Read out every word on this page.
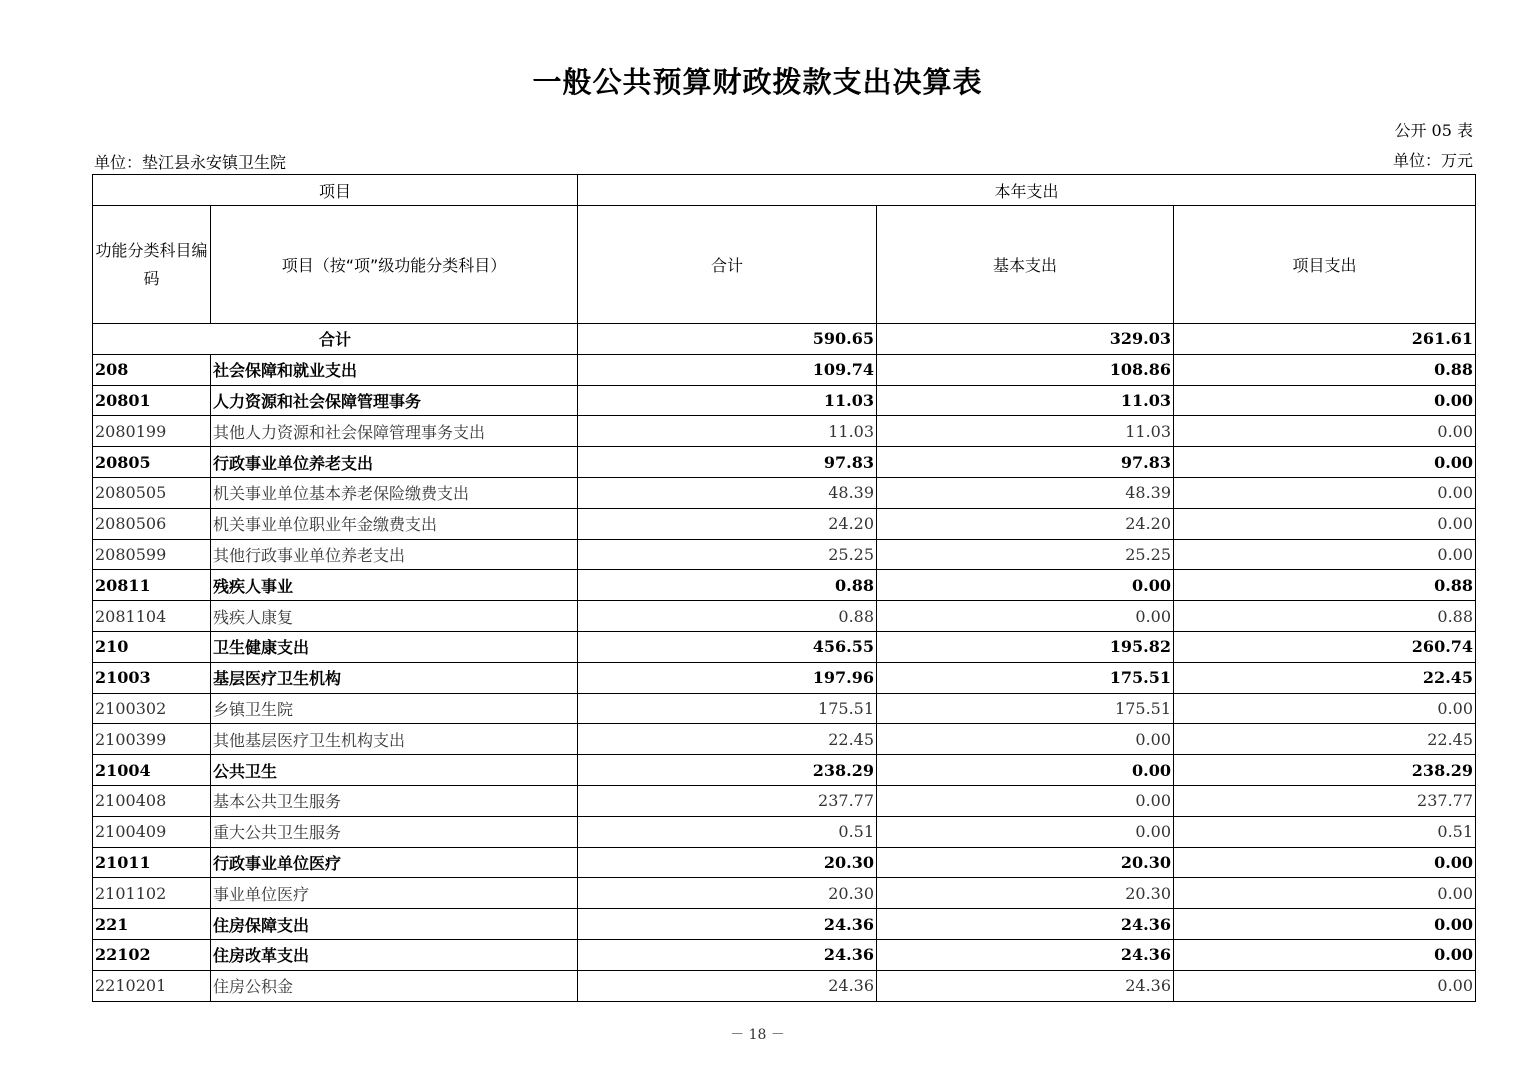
一般公共预算财政拨款支出决算表
公开 05 表
单位：垫江县永安镇卫生院	单位：万元
项目		本年支出		
功能分类科目编码	项目（按“项”级功能分类科目）	合计	基本支出	项目支出
合计		590.65	329.03	261.61
208	社会保障和就业支出	109.74	108.86	0.88
20801	人力资源和社会保障管理事务	11.03	11.03	0.00
2080199	其他人力资源和社会保障管理事务支出	11.03	11.03	0.00
20805	行政事业单位养老支出	97.83	97.83	0.00
2080505	机关事业单位基本养老保险缴费支出	48.39	48.39	0.00
2080506	机关事业单位职业年金缴费支出	24.20	24.20	0.00
2080599	其他行政事业单位养老支出	25.25	25.25	0.00
20811	残疾人事业	0.88	0.00	0.88
2081104	残疾人康复	0.88	0.00	0.88
210	卫生健康支出	456.55	195.82	260.74
21003	基层医疗卫生机构	197.96	175.51	22.45
2100302	乡镇卫生院	175.51	175.51	0.00
2100399	其他基层医疗卫生机构支出	22.45	0.00	22.45
21004	公共卫生	238.29	0.00	238.29
2100408	基本公共卫生服务	237.77	0.00	237.77
2100409	重大公共卫生服务	0.51	0.00	0.51
21011	行政事业单位医疗	20.30	20.30	0.00
2101102	事业单位医疗	20.30	20.30	0.00
221	住房保障支出	24.36	24.36	0.00
22102	住房改革支出	24.36	24.36	0.00
2210201	住房公积金	24.36	24.36	0.00
－ 18 －
